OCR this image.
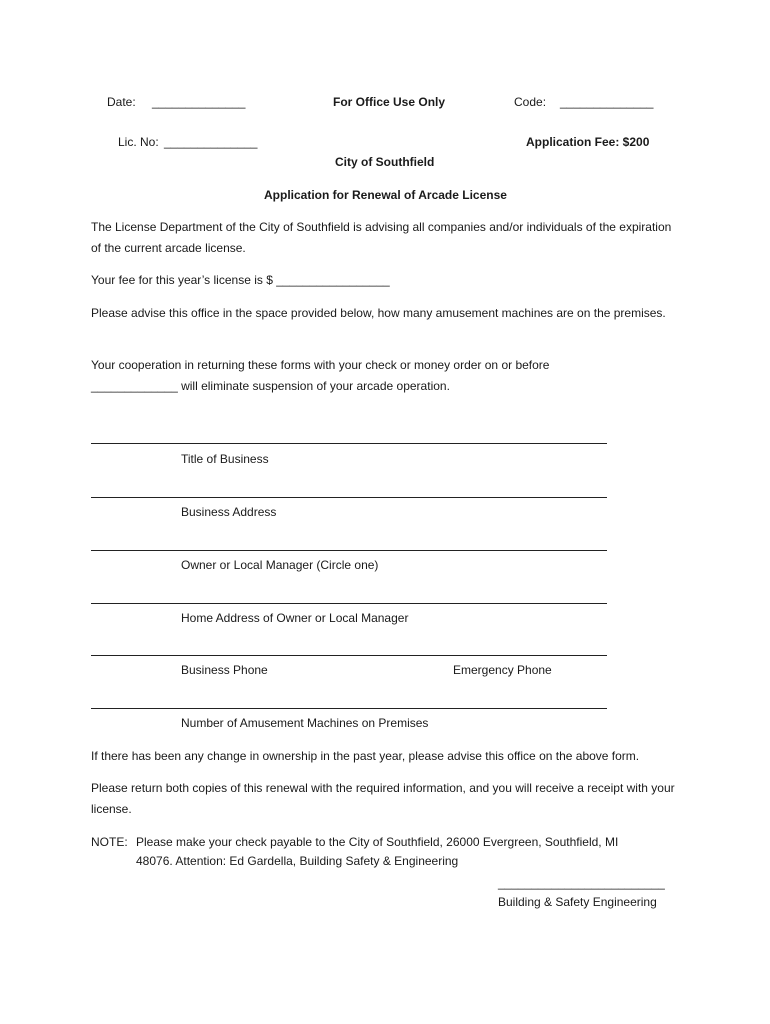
Date: ______________	For Office Use Only	Code: ______________
Lic. No: ______________	Application Fee: $200
City of Southfield
Application for Renewal of Arcade License
The License Department of the City of Southfield is advising all companies and/or individuals of the expiration of the current arcade license.
Your fee for this year’s license is $ _________________
Please advise this office in the space provided below, how many amusement machines are on the premises.
Your cooperation in returning these forms with your check or money order on or before _____________ will eliminate suspension of your arcade operation.
Title of Business
Business Address
Owner or Local Manager (Circle one)
Home Address of Owner or Local Manager
Business Phone	Emergency Phone
Number of Amusement Machines on Premises
If there has been any change in ownership in the past year, please advise this office on the above form.
Please return both copies of this renewal with the required information, and you will receive a receipt with your license.
NOTE: Please make your check payable to the City of Southfield, 26000 Evergreen, Southfield, MI
48076. Attention: Ed Gardella, Building Safety & Engineering
_________________________
Building & Safety Engineering
